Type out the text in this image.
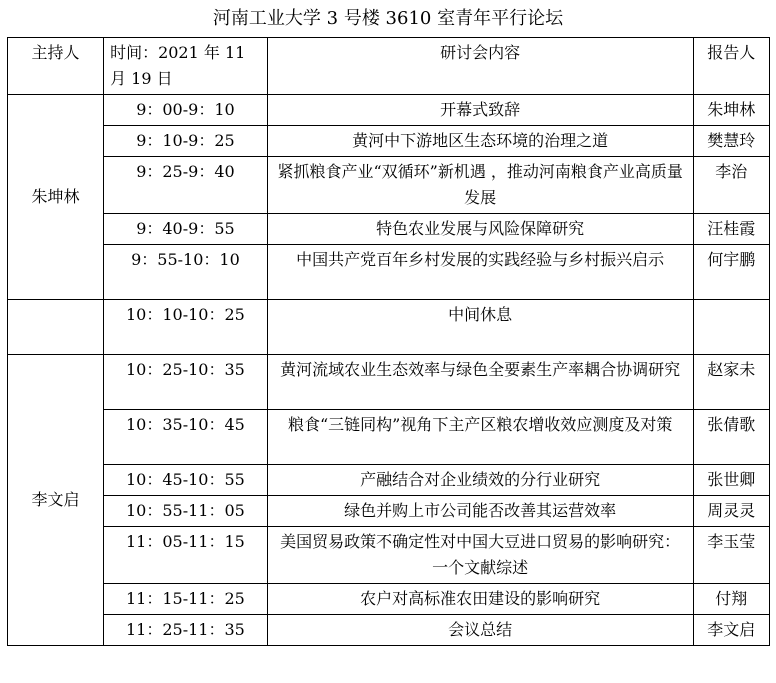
河南工业大学 3 号楼 3610 室青年平行论坛
主持人	时间：2021 年 11 月 19 日	研讨会内容	报告人
朱坤林	9：00-9：10	开幕式致辞	朱坤林
	9：10-9：25	黄河中下游地区生态环境的治理之道	樊慧玲
	9：25-9：40	紧抓粮食产业“双循环”新机遇 ，推动河南粮食产业高质量发展	李治
	9：40-9：55	特色农业发展与风险保障研究	汪桂霞
	9：55-10：10	中国共产党百年乡村发展的实践经验与乡村振兴启示	何宇鹏
	10：10-10：25	中间休息	
李文启	10：25-10：35	黄河流域农业生态效率与绿色全要素生产率耦合协调研究	赵家未
	10：35-10：45	粮食“三链同构”视角下主产区粮农增收效应测度及对策	张倩歌
	10：45-10：55	产融结合对企业绩效的分行业研究	张世卿
	10：55-11：05	绿色并购上市公司能否改善其运营效率	周灵灵
	11：05-11：15	美国贸易政策不确定性对中国大豆进口贸易的影响研究：一个文献综述	李玉莹
	11：15-11：25	农户对高标准农田建设的影响研究	付翔
	11：25-11：35	会议总结	李文启
